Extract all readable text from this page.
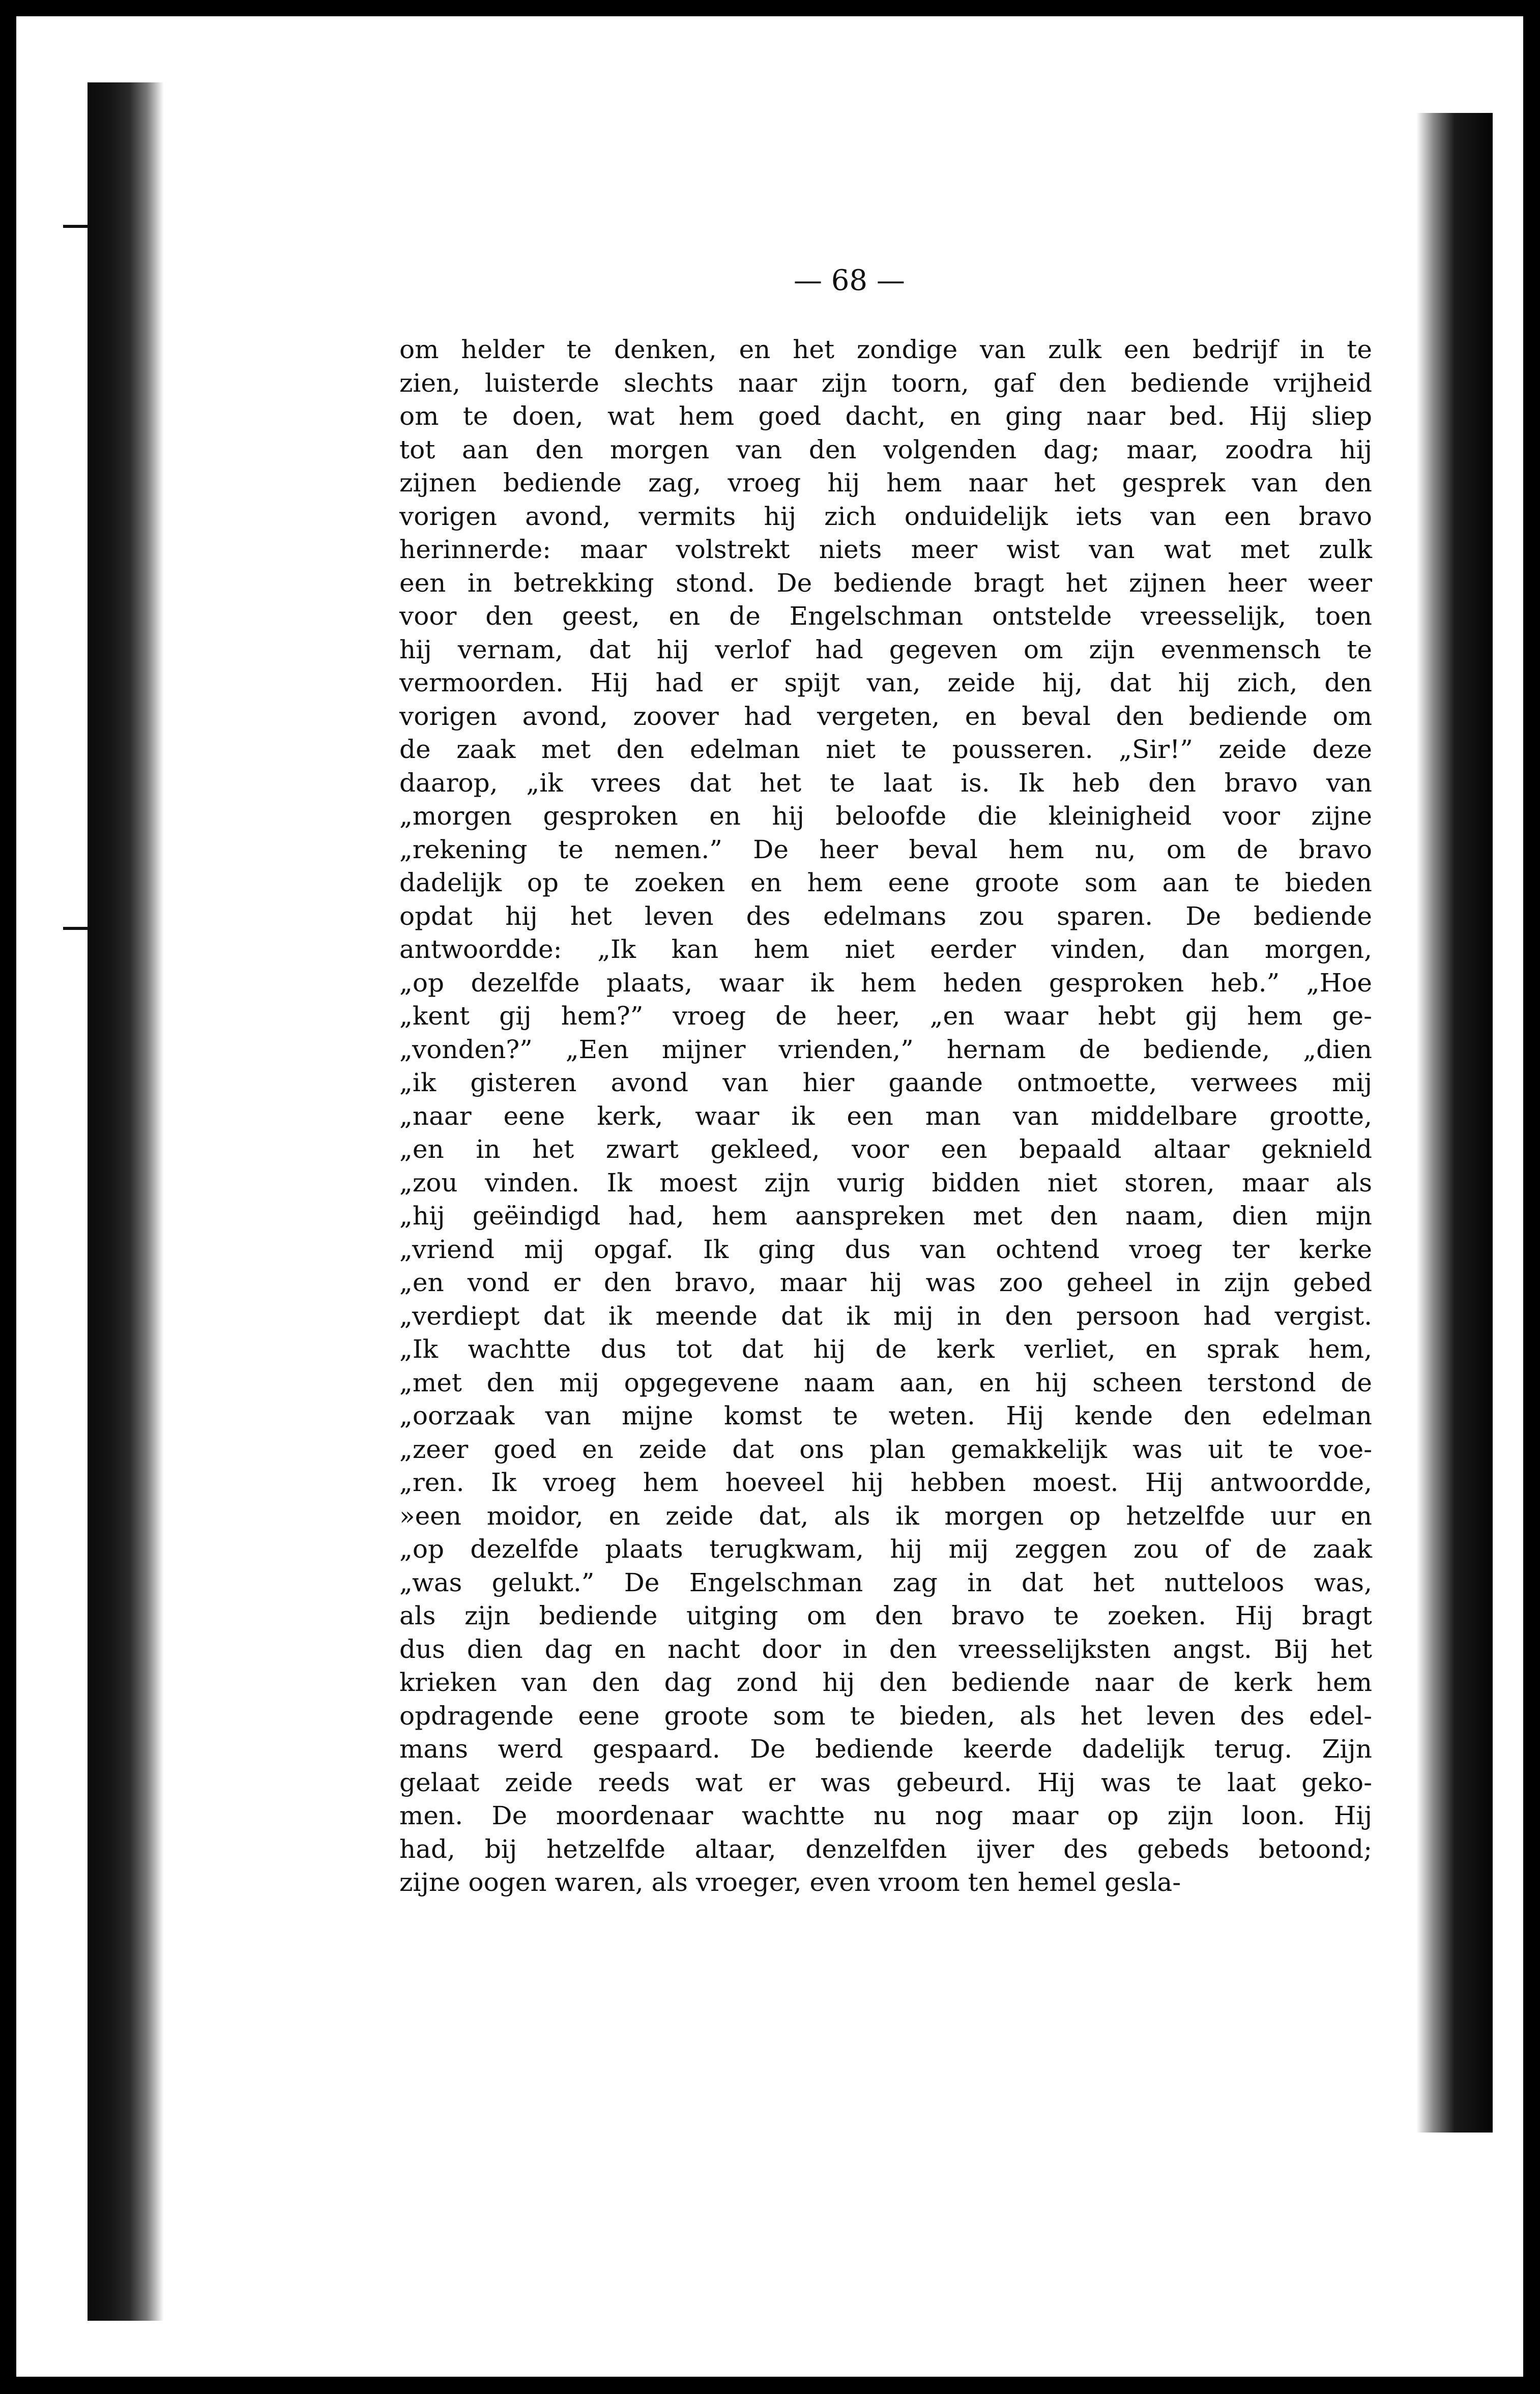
— 68 —
om helder te denken, en het zondige van zulk een bedrijf in te
zien, luisterde slechts naar zijn toorn, gaf den bediende vrijheid
om te doen, wat hem goed dacht, en ging naar bed. Hij sliep
tot aan den morgen van den volgenden dag; maar, zoodra hij
zijnen bediende zag, vroeg hij hem naar het gesprek van den
vorigen avond, vermits hij zich onduidelijk iets van een bravo
herinnerde: maar volstrekt niets meer wist van wat met zulk
een in betrekking stond. De bediende bragt het zijnen heer weer
voor den geest, en de Engelschman ontstelde vreesselijk, toen
hij vernam, dat hij verlof had gegeven om zijn evenmensch te
vermoorden. Hij had er spijt van, zeide hij, dat hij zich, den
vorigen avond, zoover had vergeten, en beval den bediende om
de zaak met den edelman niet te pousseren. „Sir!” zeide deze
daarop, „ik vrees dat het te laat is. Ik heb den bravo van
„morgen gesproken en hij beloofde die kleinigheid voor zijne
„rekening te nemen.” De heer beval hem nu, om de bravo
dadelijk op te zoeken en hem eene groote som aan te bieden
opdat hij het leven des edelmans zou sparen. De bediende
antwoordde: „Ik kan hem niet eerder vinden, dan morgen,
„op dezelfde plaats, waar ik hem heden gesproken heb.” „Hoe
„kent gij hem?” vroeg de heer, „en waar hebt gij hem ge-
„vonden?” „Een mijner vrienden,” hernam de bediende, „dien
„ik gisteren avond van hier gaande ontmoette, verwees mij
„naar eene kerk, waar ik een man van middelbare grootte,
„en in het zwart gekleed, voor een bepaald altaar geknield
„zou vinden. Ik moest zijn vurig bidden niet storen, maar als
„hij geëindigd had, hem aanspreken met den naam, dien mijn
„vriend mij opgaf. Ik ging dus van ochtend vroeg ter kerke
„en vond er den bravo, maar hij was zoo geheel in zijn gebed
„verdiept dat ik meende dat ik mij in den persoon had vergist.
„Ik wachtte dus tot dat hij de kerk verliet, en sprak hem,
„met den mij opgegevene naam aan, en hij scheen terstond de
„oorzaak van mijne komst te weten. Hij kende den edelman
„zeer goed en zeide dat ons plan gemakkelijk was uit te voe-
„ren. Ik vroeg hem hoeveel hij hebben moest. Hij antwoordde,
»een moidor, en zeide dat, als ik morgen op hetzelfde uur en
„op dezelfde plaats terugkwam, hij mij zeggen zou of de zaak
„was gelukt.” De Engelschman zag in dat het nutteloos was,
als zijn bediende uitging om den bravo te zoeken. Hij bragt
dus dien dag en nacht door in den vreesselijksten angst. Bij het
krieken van den dag zond hij den bediende naar de kerk hem
opdragende eene groote som te bieden, als het leven des edel-
mans werd gespaard. De bediende keerde dadelijk terug. Zijn
gelaat zeide reeds wat er was gebeurd. Hij was te laat geko-
men. De moordenaar wachtte nu nog maar op zijn loon. Hij
had, bij hetzelfde altaar, denzelfden ijver des gebeds betoond;
zijne oogen waren, als vroeger, even vroom ten hemel gesla-
